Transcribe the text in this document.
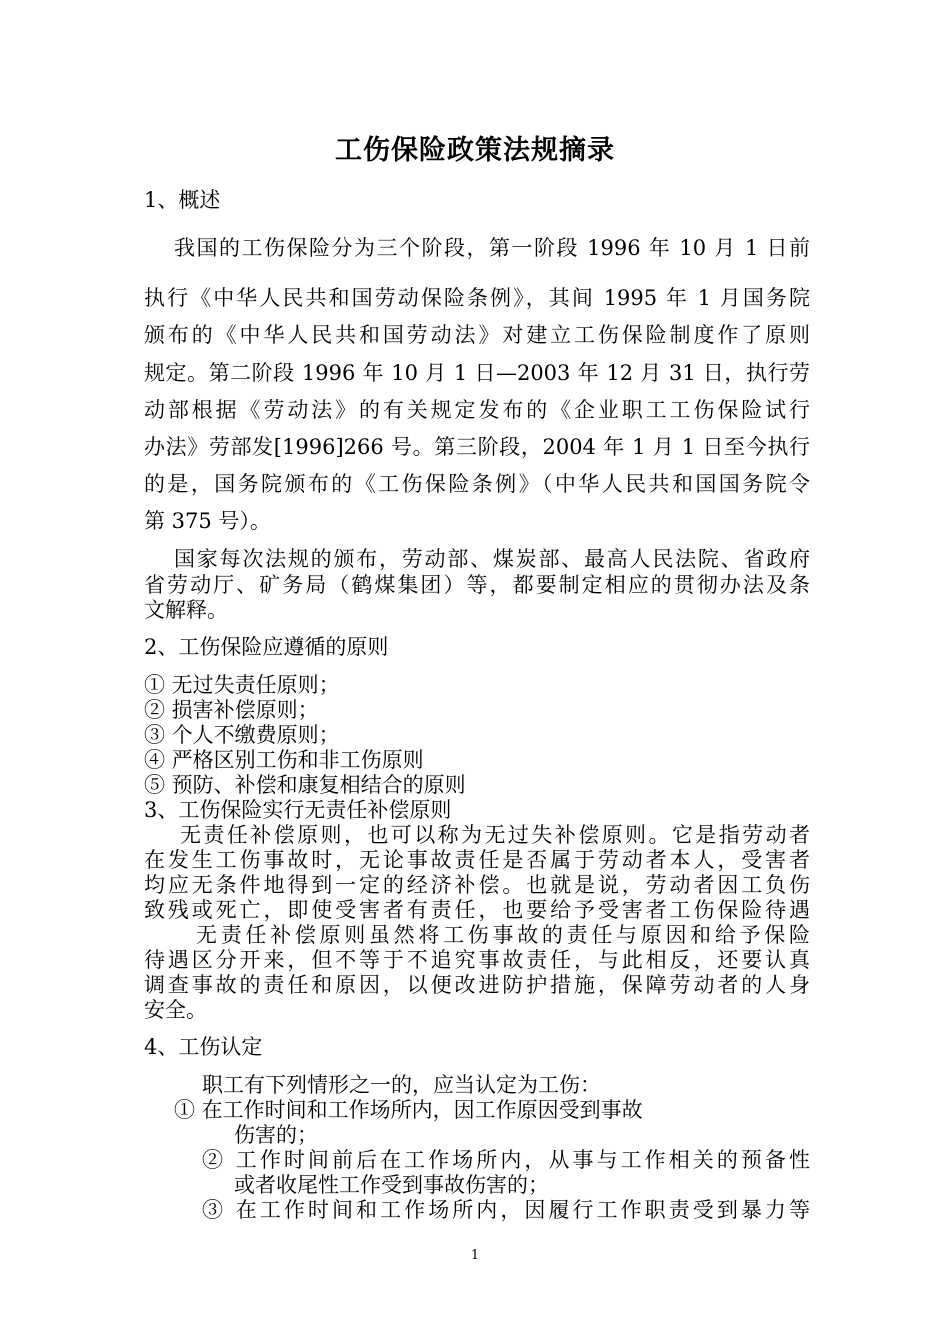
工伤保险政策法规摘录
1、概述
我国的工伤保险分为三个阶段，第一阶段 1996 年 10 月 1 日前
执行《中华人民共和国劳动保险条例》，其间 1995 年 1 月国务院
颁布的《中华人民共和国劳动法》对建立工伤保险制度作了原则
规定。第二阶段 1996 年 10 月 1 日—2003 年 12 月 31 日，执行劳
动部根据《劳动法》的有关规定发布的《企业职工工伤保险试行
办法》劳部发[1996]266 号。第三阶段，2004 年 1 月 1 日至今执行
的是，国务院颁布的《工伤保险条例》（中华人民共和国国务院令
第 375 号）。
国家每次法规的颁布，劳动部、煤炭部、最高人民法院、省政府
省劳动厅、矿务局（鹤煤集团）等，都要制定相应的贯彻办法及条
文解释。
2、工伤保险应遵循的原则
① 无过失责任原则；
② 损害补偿原则；
③ 个人不缴费原则；
④ 严格区别工伤和非工伤原则
⑤ 预防、补偿和康复相结合的原则
3、工伤保险实行无责任补偿原则
无责任补偿原则，也可以称为无过失补偿原则。它是指劳动者
在发生工伤事故时，无论事故责任是否属于劳动者本人，受害者
均应无条件地得到一定的经济补偿。也就是说，劳动者因工负伤
致残或死亡，即使受害者有责任，也要给予受害者工伤保险待遇
无责任补偿原则虽然将工伤事故的责任与原因和给予保险
待遇区分开来，但不等于不追究事故责任，与此相反，还要认真
调查事故的责任和原因，以便改进防护措施，保障劳动者的人身
安全。
4、工伤认定
职工有下列情形之一的，应当认定为工伤：
① 在工作时间和工作场所内，因工作原因受到事故
伤害的；
② 工作时间前后在工作场所内，从事与工作相关的预备性
或者收尾性工作受到事故伤害的；
③ 在工作时间和工作场所内，因履行工作职责受到暴力等
1
